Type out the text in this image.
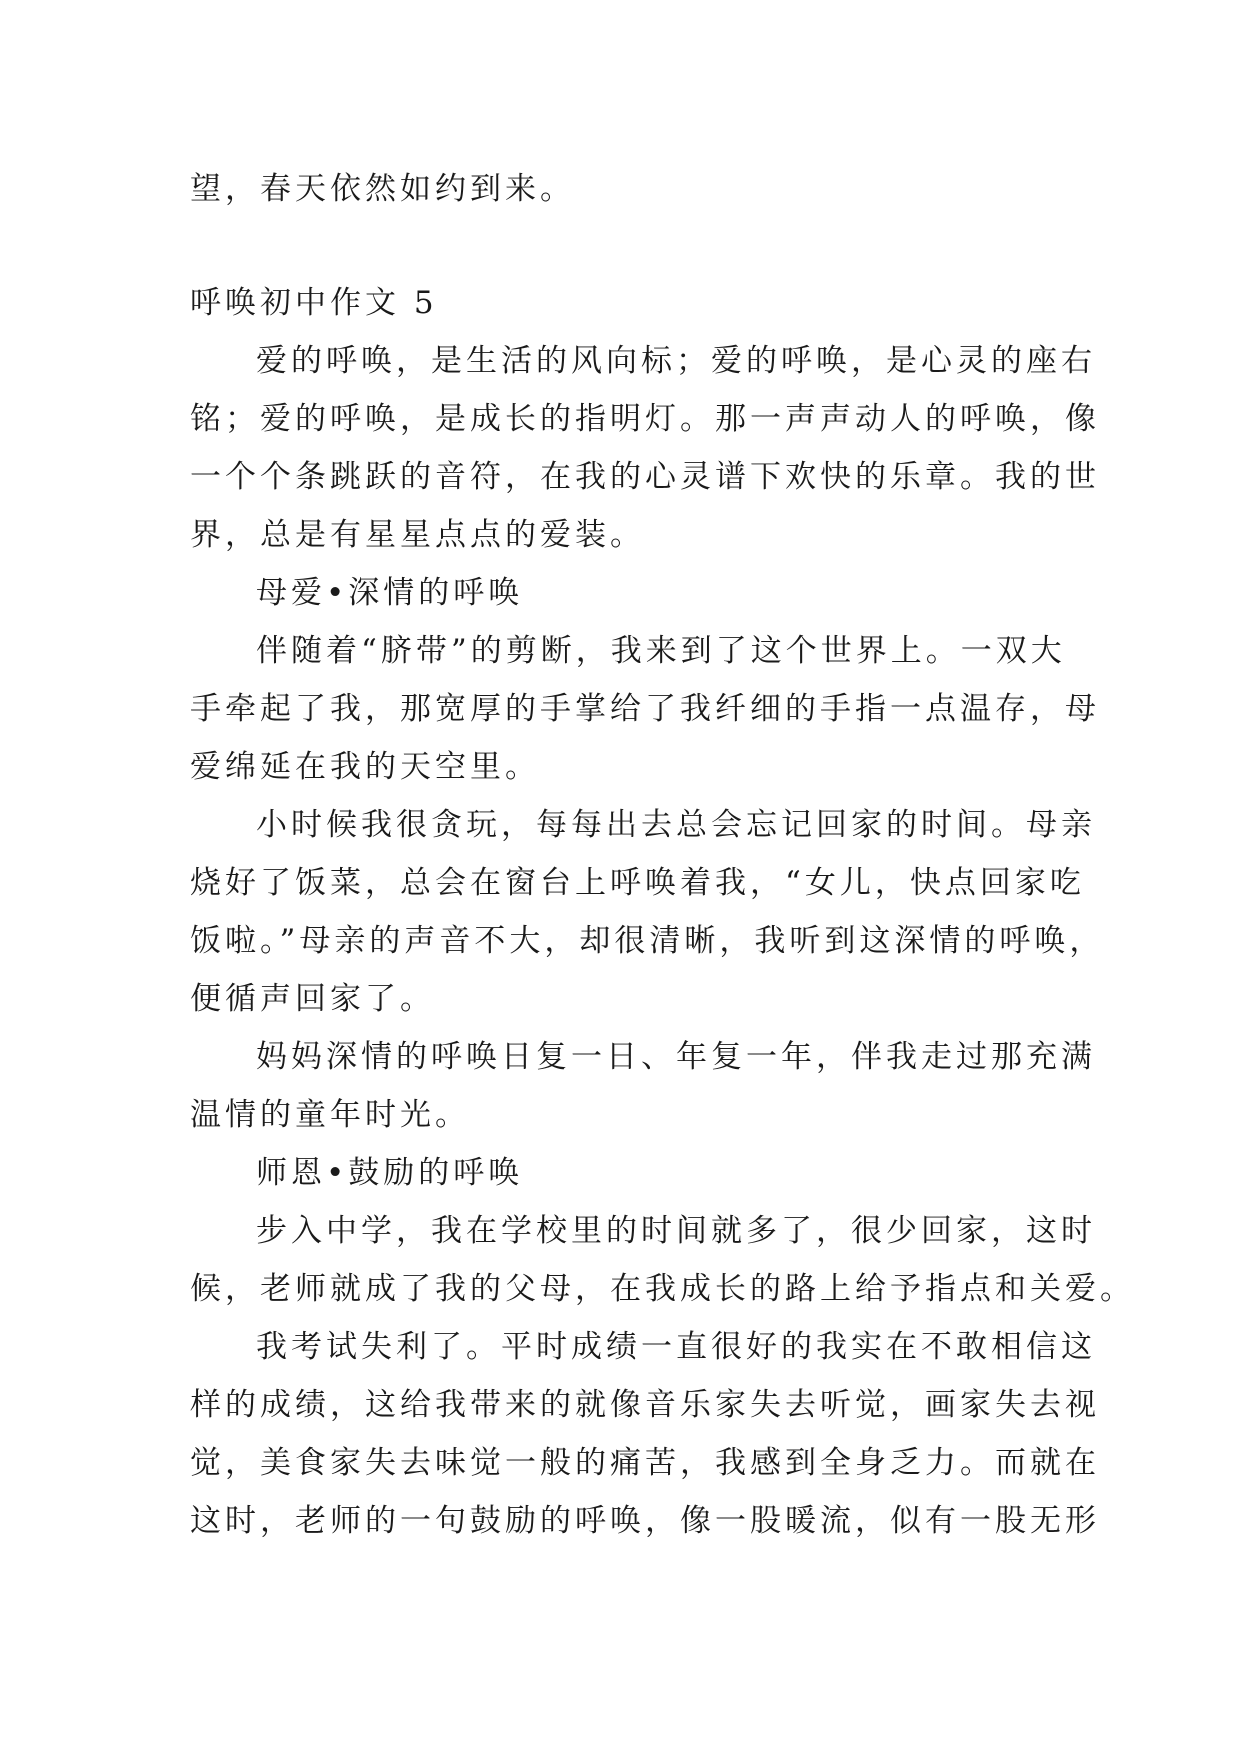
望，春天依然如约到来。

呼唤初中作文 5

爱的呼唤，是生活的风向标；爱的呼唤，是心灵的座右

铭；爱的呼唤，是成长的指明灯。那一声声动人的呼唤，像

一个个条跳跃的音符，在我的心灵谱下欢快的乐章。我的世

界，总是有星星点点的爱装。

母爱•深情的呼唤

伴随着“脐带”的剪断，我来到了这个世界上。一双大

手牵起了我，那宽厚的手掌给了我纤细的手指一点温存，母

爱绵延在我的天空里。

小时候我很贪玩，每每出去总会忘记回家的时间。母亲

烧好了饭菜，总会在窗台上呼唤着我，“女儿，快点回家吃

饭啦。”母亲的声音不大，却很清晰，我听到这深情的呼唤，

便循声回家了。

妈妈深情的呼唤日复一日、年复一年，伴我走过那充满

温情的童年时光。

师恩•鼓励的呼唤

步入中学，我在学校里的时间就多了，很少回家，这时

候，老师就成了我的父母，在我成长的路上给予指点和关爱。

我考试失利了。平时成绩一直很好的我实在不敢相信这

样的成绩，这给我带来的就像音乐家失去听觉，画家失去视

觉，美食家失去味觉一般的痛苦，我感到全身乏力。而就在

这时，老师的一句鼓励的呼唤，像一股暖流，似有一股无形
